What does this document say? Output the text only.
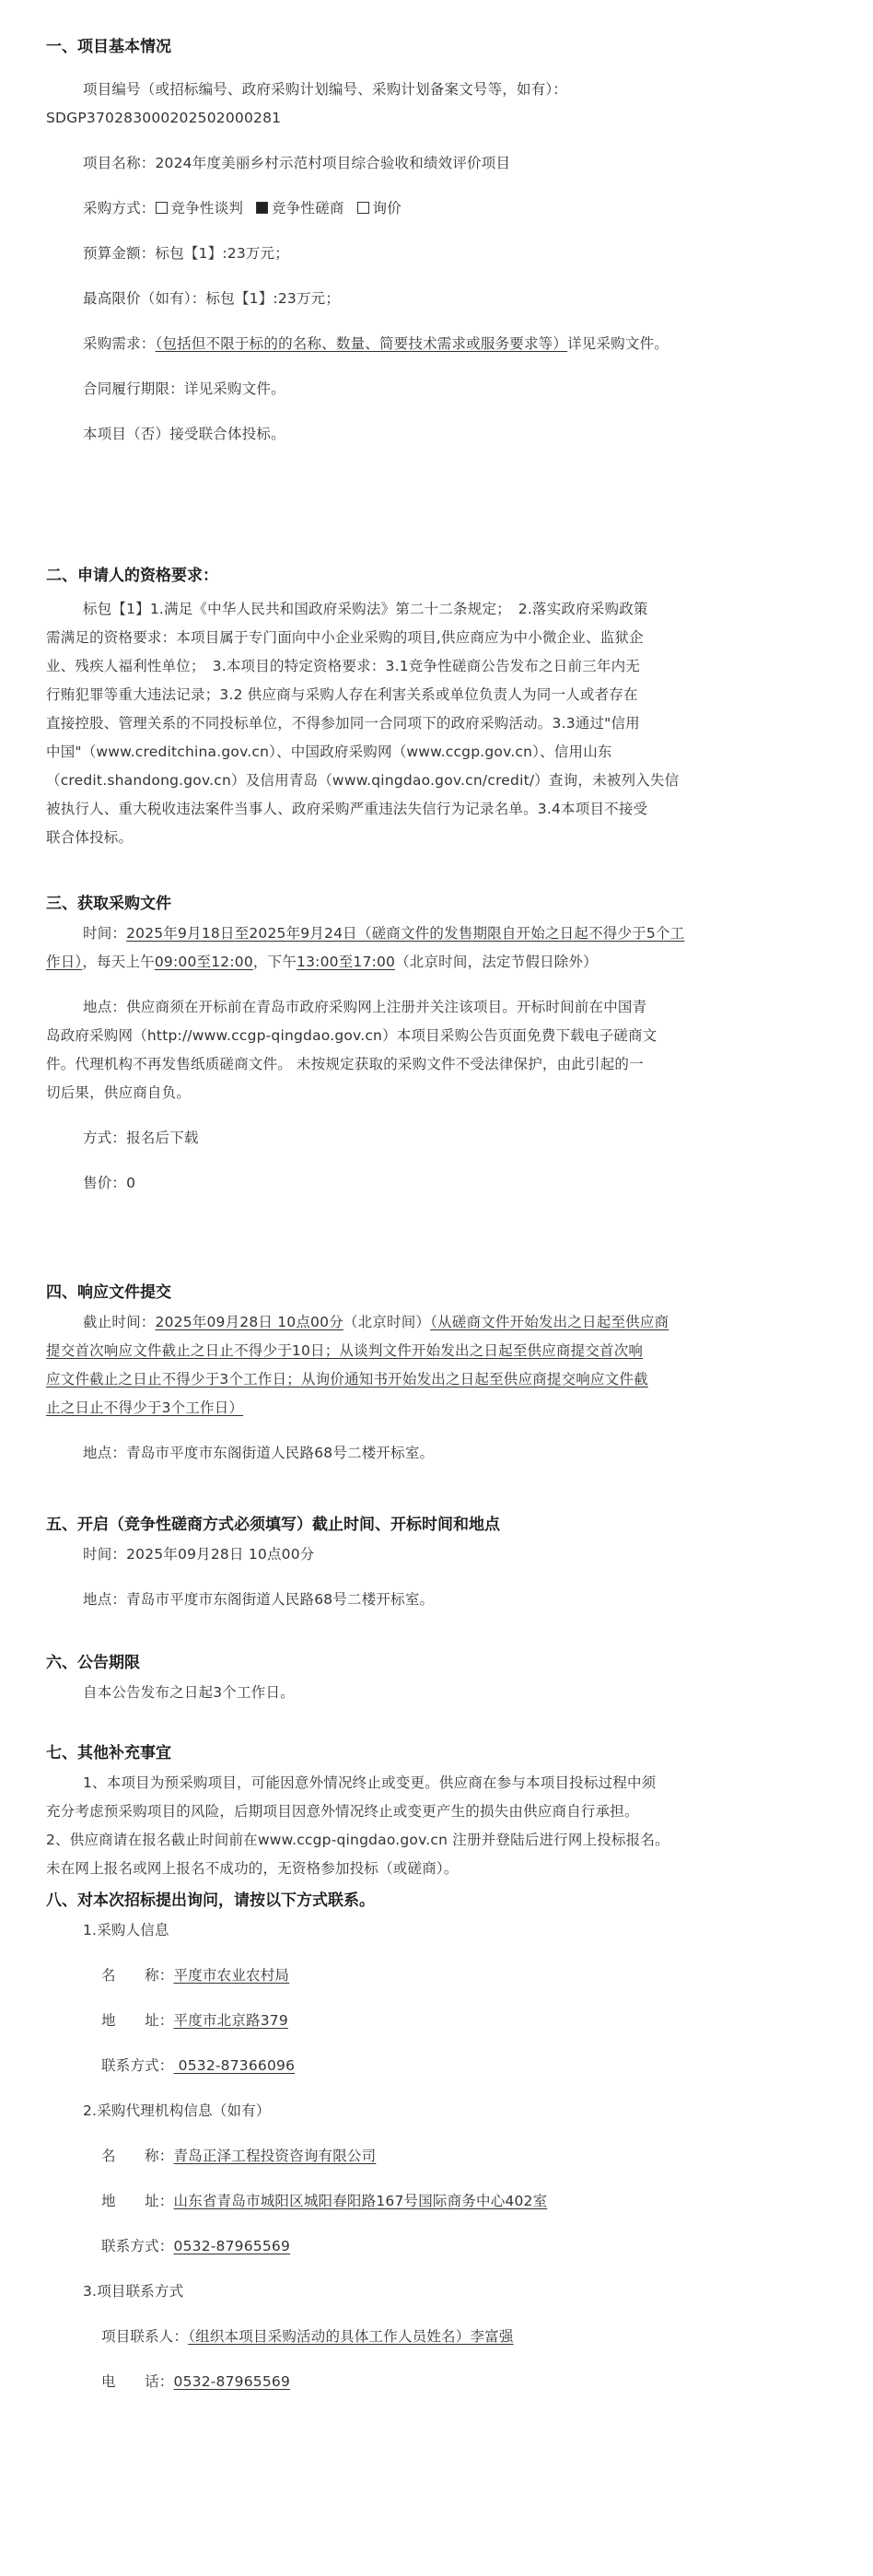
一、项目基本情况

项目编号（或招标编号、政府采购计划编号、采购计划备案文号等，如有）：

SDGP370283000202502000281

项目名称：2024年度美丽乡村示范村项目综合验收和绩效评价项目

采购方式： 竞争性谈判 竞争性磋商 询价

预算金额：标包【1】:23万元；

最高限价（如有）：标包【1】:23万元；

采购需求：（包括但不限于标的的名称、数量、简要技术需求或服务要求等）详见采购文件。

合同履行期限：详见采购文件。

本项目（否）接受联合体投标。

二、申请人的资格要求：

标包【1】1.满足《中华人民共和国政府采购法》第二十二条规定；　2.落实政府采购政策

需满足的资格要求：本项目属于专门面向中小企业采购的项目,供应商应为中小微企业、监狱企

业、残疾人福利性单位；　3.本项目的特定资格要求：3.1竞争性磋商公告发布之日前三年内无

行贿犯罪等重大违法记录；3.2 供应商与采购人存在利害关系或单位负责人为同一人或者存在

直接控股、管理关系的不同投标单位，不得参加同一合同项下的政府采购活动。3.3通过"信用

中国"（www.creditchina.gov.cn）、中国政府采购网（www.ccgp.gov.cn）、信用山东

（credit.shandong.gov.cn）及信用青岛（www.qingdao.gov.cn/credit/）查询，未被列入失信

被执行人、重大税收违法案件当事人、政府采购严重违法失信行为记录名单。3.4本项目不接受

联合体投标。

三、获取采购文件

时间：2025年9月18日至2025年9月24日（磋商文件的发售期限自开始之日起不得少于5个工

作日），每天上午09:00至12:00，下午13:00至17:00（北京时间，法定节假日除外）

地点：供应商须在开标前在青岛市政府采购网上注册并关注该项目。开标时间前在中国青

岛政府采购网（http://www.ccgp-qingdao.gov.cn）本项目采购公告页面免费下载电子磋商文

件。代理机构不再发售纸质磋商文件。 未按规定获取的采购文件不受法律保护，由此引起的一

切后果，供应商自负。

方式：报名后下载

售价：0

四、响应文件提交

截止时间：2025年09月28日 10点00分（北京时间）（从磋商文件开始发出之日起至供应商

提交首次响应文件截止之日止不得少于10日；从谈判文件开始发出之日起至供应商提交首次响

应文件截止之日止不得少于3个工作日；从询价通知书开始发出之日起至供应商提交响应文件截

止之日止不得少于3个工作日）

地点：青岛市平度市东阁街道人民路68号二楼开标室。

五、开启（竞争性磋商方式必须填写）截止时间、开标时间和地点

时间：2025年09月28日 10点00分

地点：青岛市平度市东阁街道人民路68号二楼开标室。

六、公告期限

自本公告发布之日起3个工作日。

七、其他补充事宜

1、本项目为预采购项目，可能因意外情况终止或变更。供应商在参与本项目投标过程中须

充分考虑预采购项目的风险，后期项目因意外情况终止或变更产生的损失由供应商自行承担。

2、供应商请在报名截止时间前在www.ccgp-qingdao.gov.cn 注册并登陆后进行网上投标报名。

未在网上报名或网上报名不成功的，无资格参加投标（或磋商）。

八、对本次招标提出询问，请按以下方式联系。

1.采购人信息

名　　称：平度市农业农村局

地　　址：平度市北京路379

联系方式： 0532-87366096

2.采购代理机构信息（如有）

名　　称：青岛正泽工程投资咨询有限公司

地　　址：山东省青岛市城阳区城阳春阳路167号国际商务中心402室

联系方式：0532-87965569

3.项目联系方式

项目联系人：（组织本项目采购活动的具体工作人员姓名）李富强

电　　话：0532-87965569
